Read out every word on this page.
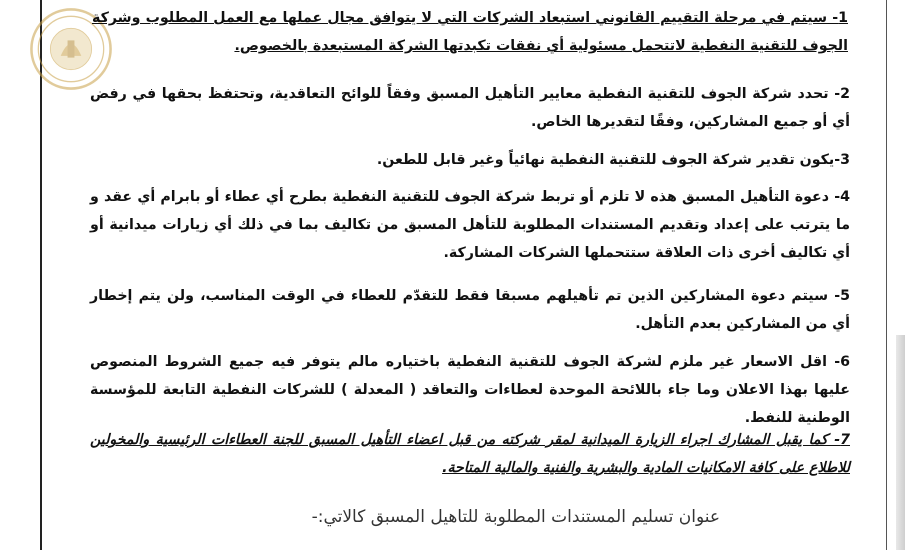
1- سيتم في مرحلة التقييم القانوني استبعاد الشركات التي لا يتوافق مجال عملها مع العمل المطلوب وشركة الجوف للتقنية النفطية لاتتحمل مسئولية أي نفقات تكبدتها الشركة المستبعدة بالخصوص.
2- تحدد شركة الجوف للتقنية النفطية معايير التأهيل المسبق وفقاً للوائح التعاقدية، وتحتفظ بحقها في رفض أي أو جميع المشاركين، وفقًا لتقديرها الخاص.
3-يكون تقدير شركة الجوف للتقنية النفطية نهائياً وغير قابل للطعن.
4- دعوة التأهيل المسبق هذه لا تلزم أو تربط شركة الجوف للتقنية النفطية بطرح أي عطاء أو بابرام أي عقد و ما يترتب على إعداد وتقديم المستندات المطلوبة للتأهل المسبق من تكاليف بما في ذلك أي زيارات ميدانية أو أي تكاليف أخرى ذات العلاقة ستتحملها الشركات المشاركة.
5- سيتم دعوة المشاركين الذين تم تأهيلهم مسبقا فقط للتقدّم للعطاء في الوقت المناسب، ولن يتم إخطار أي من المشاركين بعدم التأهل.
6- اقل الاسعار غير ملزم لشركة الجوف للتقنية النفطية باختياره مالم يتوفر فيه جميع الشروط المنصوص عليها بهذا الاعلان وما جاء باللائحة الموحدة لعطاءات والتعاقد ( المعدلة ) للشركات النفطية التابعة للمؤسسة الوطنية للنفط.
7- كما يقبل المشارك اجراء الزيارة الميدانية لمقر شركته من قبل اعضاء التأهيل المسبق للجنة العطاءات الرئيسية والمخولين للاطلاع على كافة الامكانيات المادية والبشرية والفنية والمالية المتاحة.
عنوان تسليم المستندات المطلوبة للتاهيل المسبق كالاتي:-
